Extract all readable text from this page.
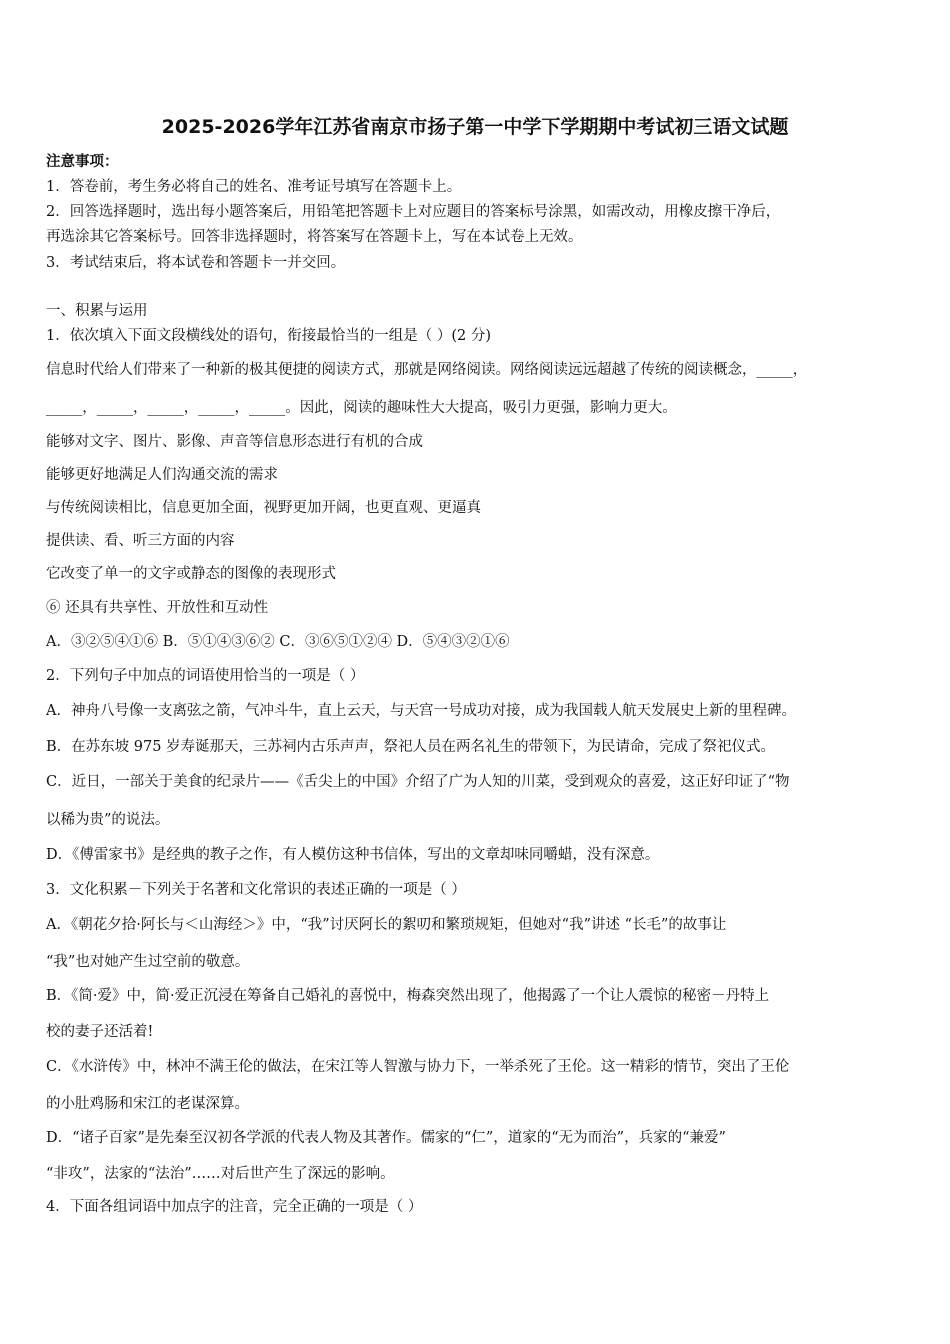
2025-2026学年江苏省南京市扬子第一中学下学期期中考试初三语文试题
注意事项：
1．答卷前，考生务必将自己的姓名、准考证号填写在答题卡上。
2．回答选择题时，选出每小题答案后，用铅笔把答题卡上对应题目的答案标号涂黑，如需改动，用橡皮擦干净后，
再选涂其它答案标号。回答非选择题时，将答案写在答题卡上，写在本试卷上无效。
3．考试结束后，将本试卷和答题卡一并交回。
一、积累与运用
1．依次填入下面文段横线处的语句，衔接最恰当的一组是（ ）(2 分)
信息时代给人们带来了一种新的极其便捷的阅读方式，那就是网络阅读。网络阅读远远超越了传统的阅读概念，_____，
_____，_____，_____，_____，_____。因此，阅读的趣味性大大提高，吸引力更强，影响力更大。
能够对文字、图片、影像、声音等信息形态进行有机的合成
能够更好地满足人们沟通交流的需求
与传统阅读相比，信息更加全面，视野更加开阔，也更直观、更逼真
提供读、看、听三方面的内容
它改变了单一的文字或静态的图像的表现形式
⑥ 还具有共享性、开放性和互动性
A．③②⑤④①⑥ B．⑤①④③⑥② C．③⑥⑤①②④ D．⑤④③②①⑥
2．下列句子中加点的词语使用恰当的一项是（ ）
A．神舟八号像一支离弦之箭，气冲斗牛，直上云天，与天宫一号成功对接，成为我国载人航天发展史上新的里程碑。
B．在苏东坡 975 岁寿诞那天，三苏祠内古乐声声，祭祀人员在两名礼生的带领下，为民请命，完成了祭祀仪式。
C．近日，一部关于美食的纪录片——《舌尖上的中国》介绍了广为人知的川菜，受到观众的喜爱，这正好印证了“物
以稀为贵”的说法。
D．《傅雷家书》是经典的教子之作，有人模仿这种书信体，写出的文章却味同嚼蜡，没有深意。
3．文化积累－下列关于名著和文化常识的表述正确的一项是（ ）
A．《朝花夕拾·阿长与＜山海经＞》中，“我”讨厌阿长的絮叨和繁琐规矩，但她对“我”讲述 “长毛”的故事让
“我”也对她产生过空前的敬意。
B．《简·爱》中，简·爱正沉浸在筹备自己婚礼的喜悦中，梅森突然出现了，他揭露了一个让人震惊的秘密－丹特上
校的妻子还活着!
C．《水浒传》中，林冲不满王伦的做法，在宋江等人智激与协力下，一举杀死了王伦。这一精彩的情节，突出了王伦
的小肚鸡肠和宋江的老谋深算。
D．“诸子百家”是先秦至汉初各学派的代表人物及其著作。儒家的“仁”，道家的“无为而治”，兵家的“兼爱”
“非攻”，法家的“法治”……对后世产生了深远的影响。
4．下面各组词语中加点字的注音，完全正确的一项是（ ）
